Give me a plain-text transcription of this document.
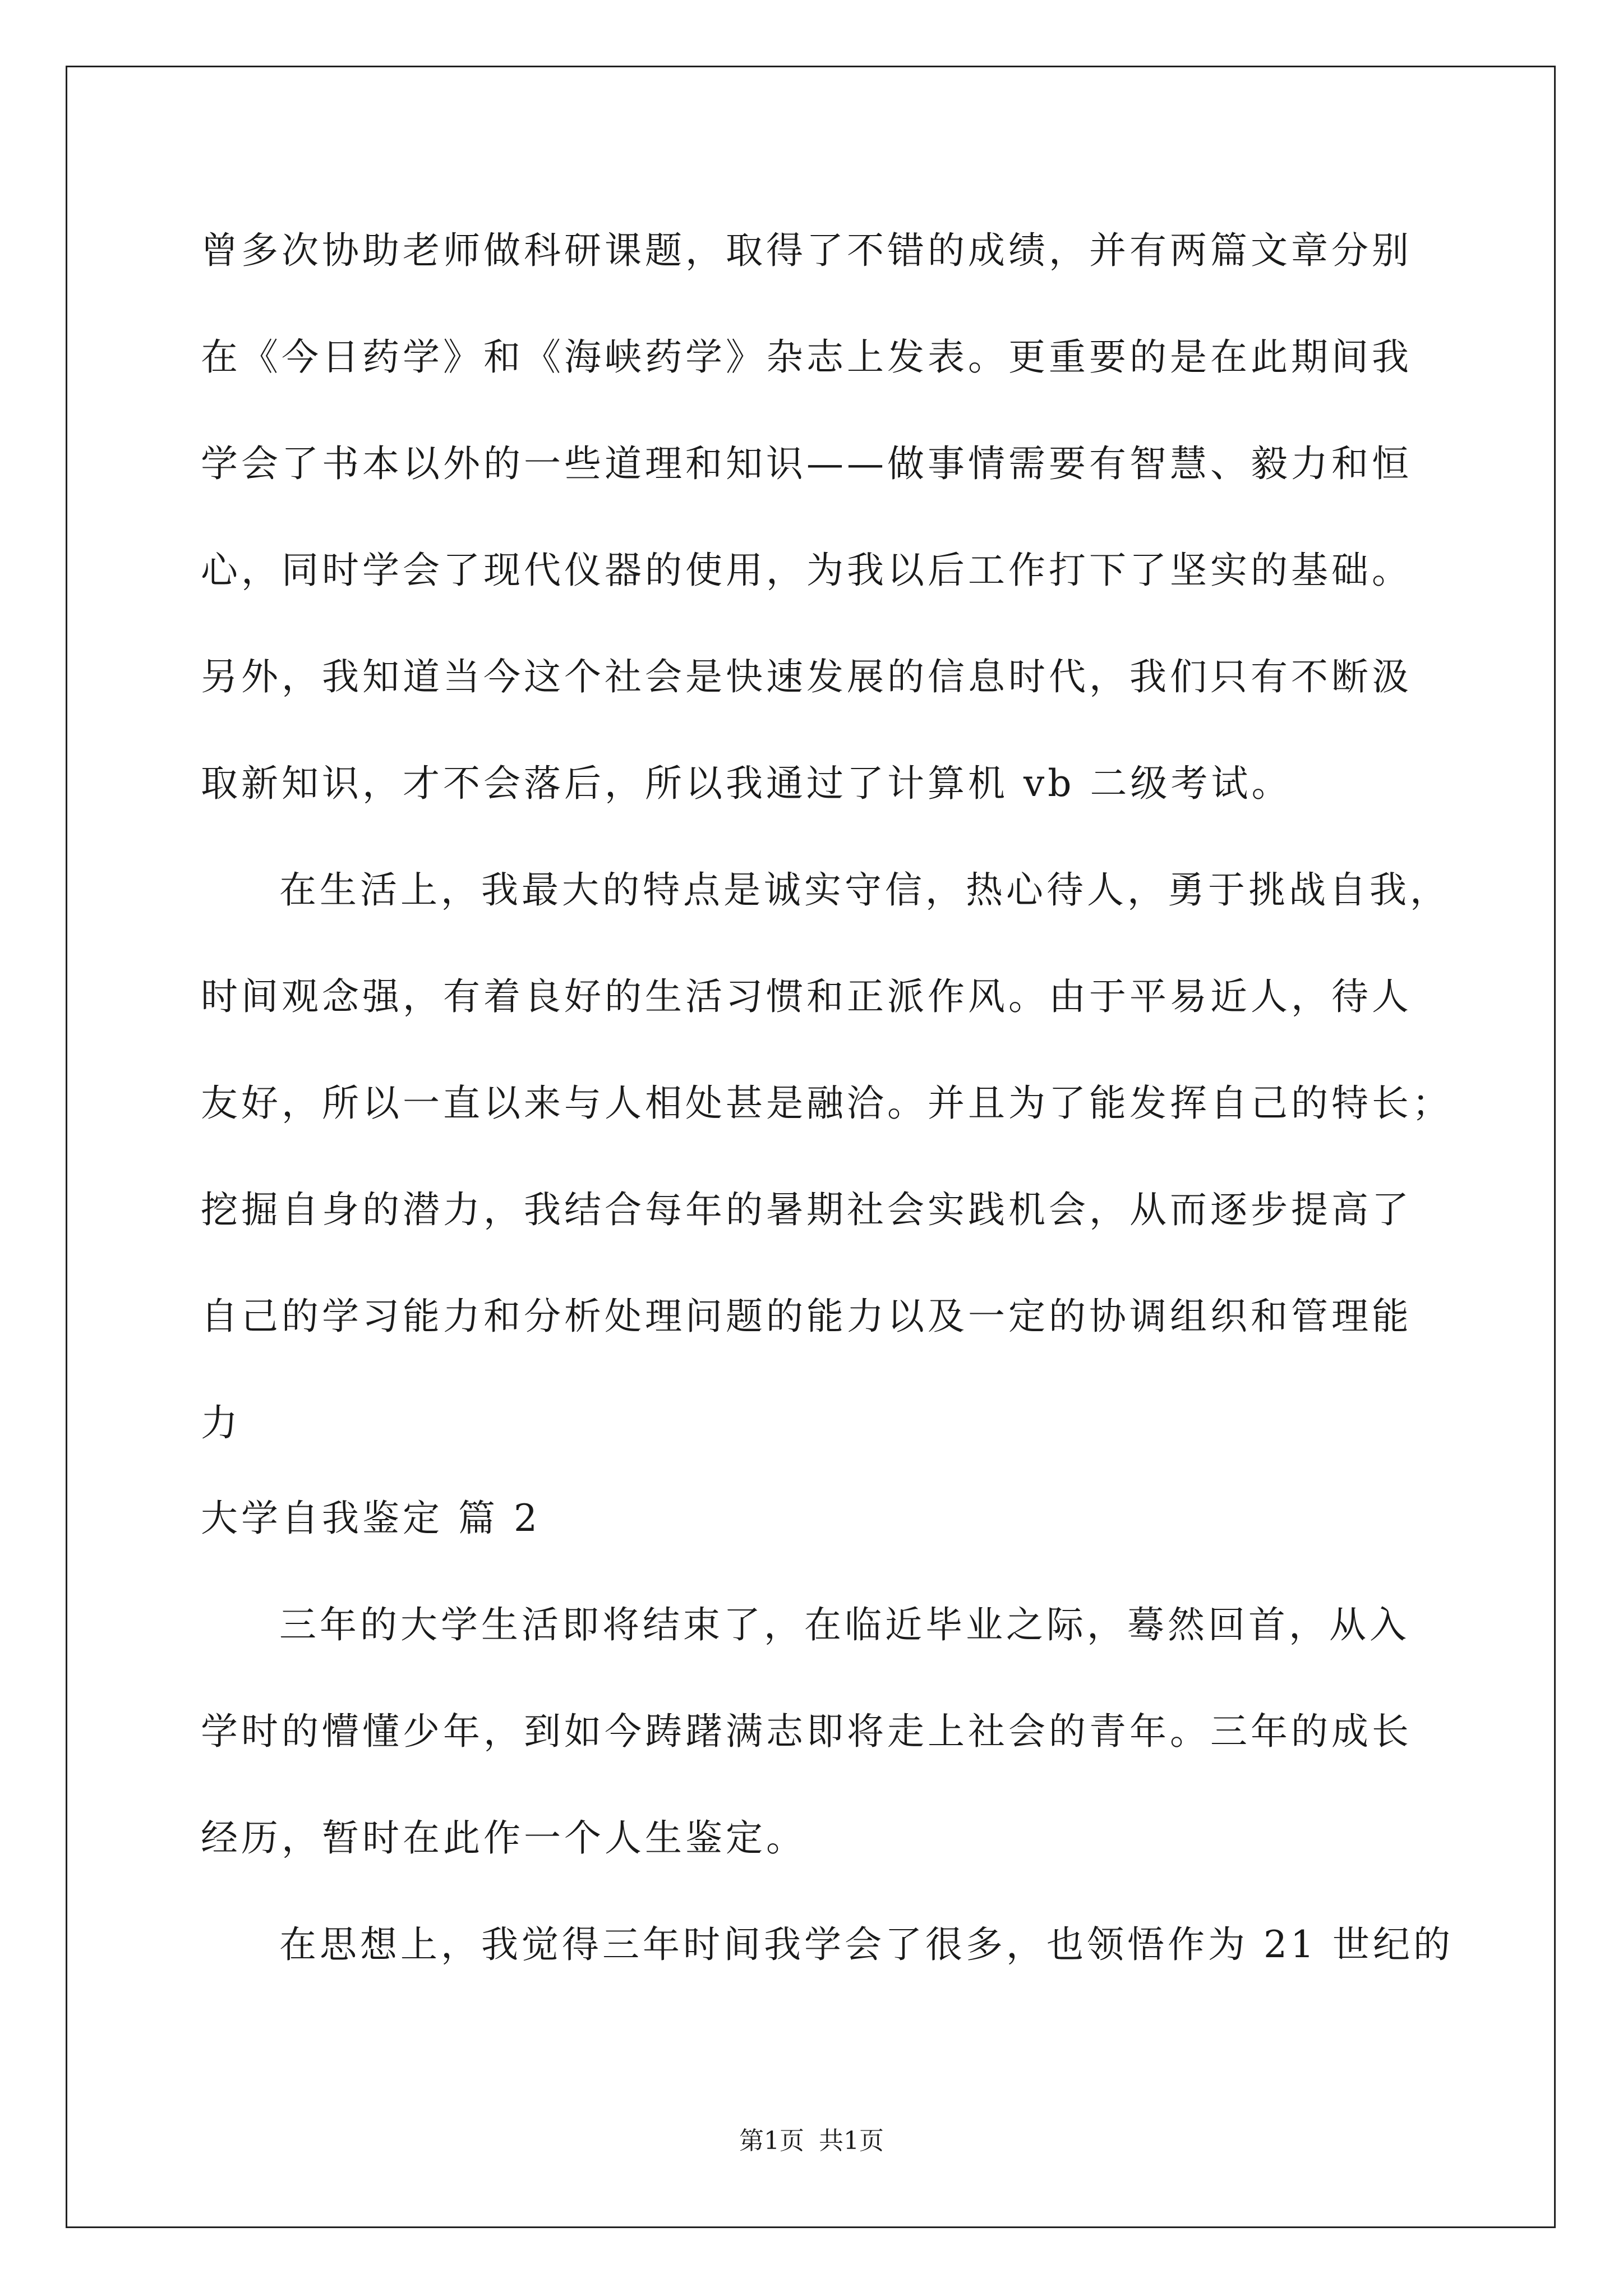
曾多次协助老师做科研课题，取得了不错的成绩，并有两篇文章分别
在《今日药学》和《海峡药学》杂志上发表。更重要的是在此期间我
学会了书本以外的一些道理和知识——做事情需要有智慧、毅力和恒
心，同时学会了现代仪器的使用，为我以后工作打下了坚实的基础。
另外，我知道当今这个社会是快速发展的信息时代，我们只有不断汲
取新知识，才不会落后，所以我通过了计算机 vb 二级考试。
在生活上，我最大的特点是诚实守信，热心待人，勇于挑战自我，
时间观念强，有着良好的生活习惯和正派作风。由于平易近人，待人
友好，所以一直以来与人相处甚是融洽。并且为了能发挥自己的特长；
挖掘自身的潜力，我结合每年的暑期社会实践机会，从而逐步提高了
自己的学习能力和分析处理问题的能力以及一定的协调组织和管理能
力
大学自我鉴定 篇 2
三年的大学生活即将结束了，在临近毕业之际，蓦然回首，从入
学时的懵懂少年，到如今踌躇满志即将走上社会的青年。三年的成长
经历，暂时在此作一个人生鉴定。
在思想上，我觉得三年时间我学会了很多，也领悟作为 21 世纪的
第1页 共1页
